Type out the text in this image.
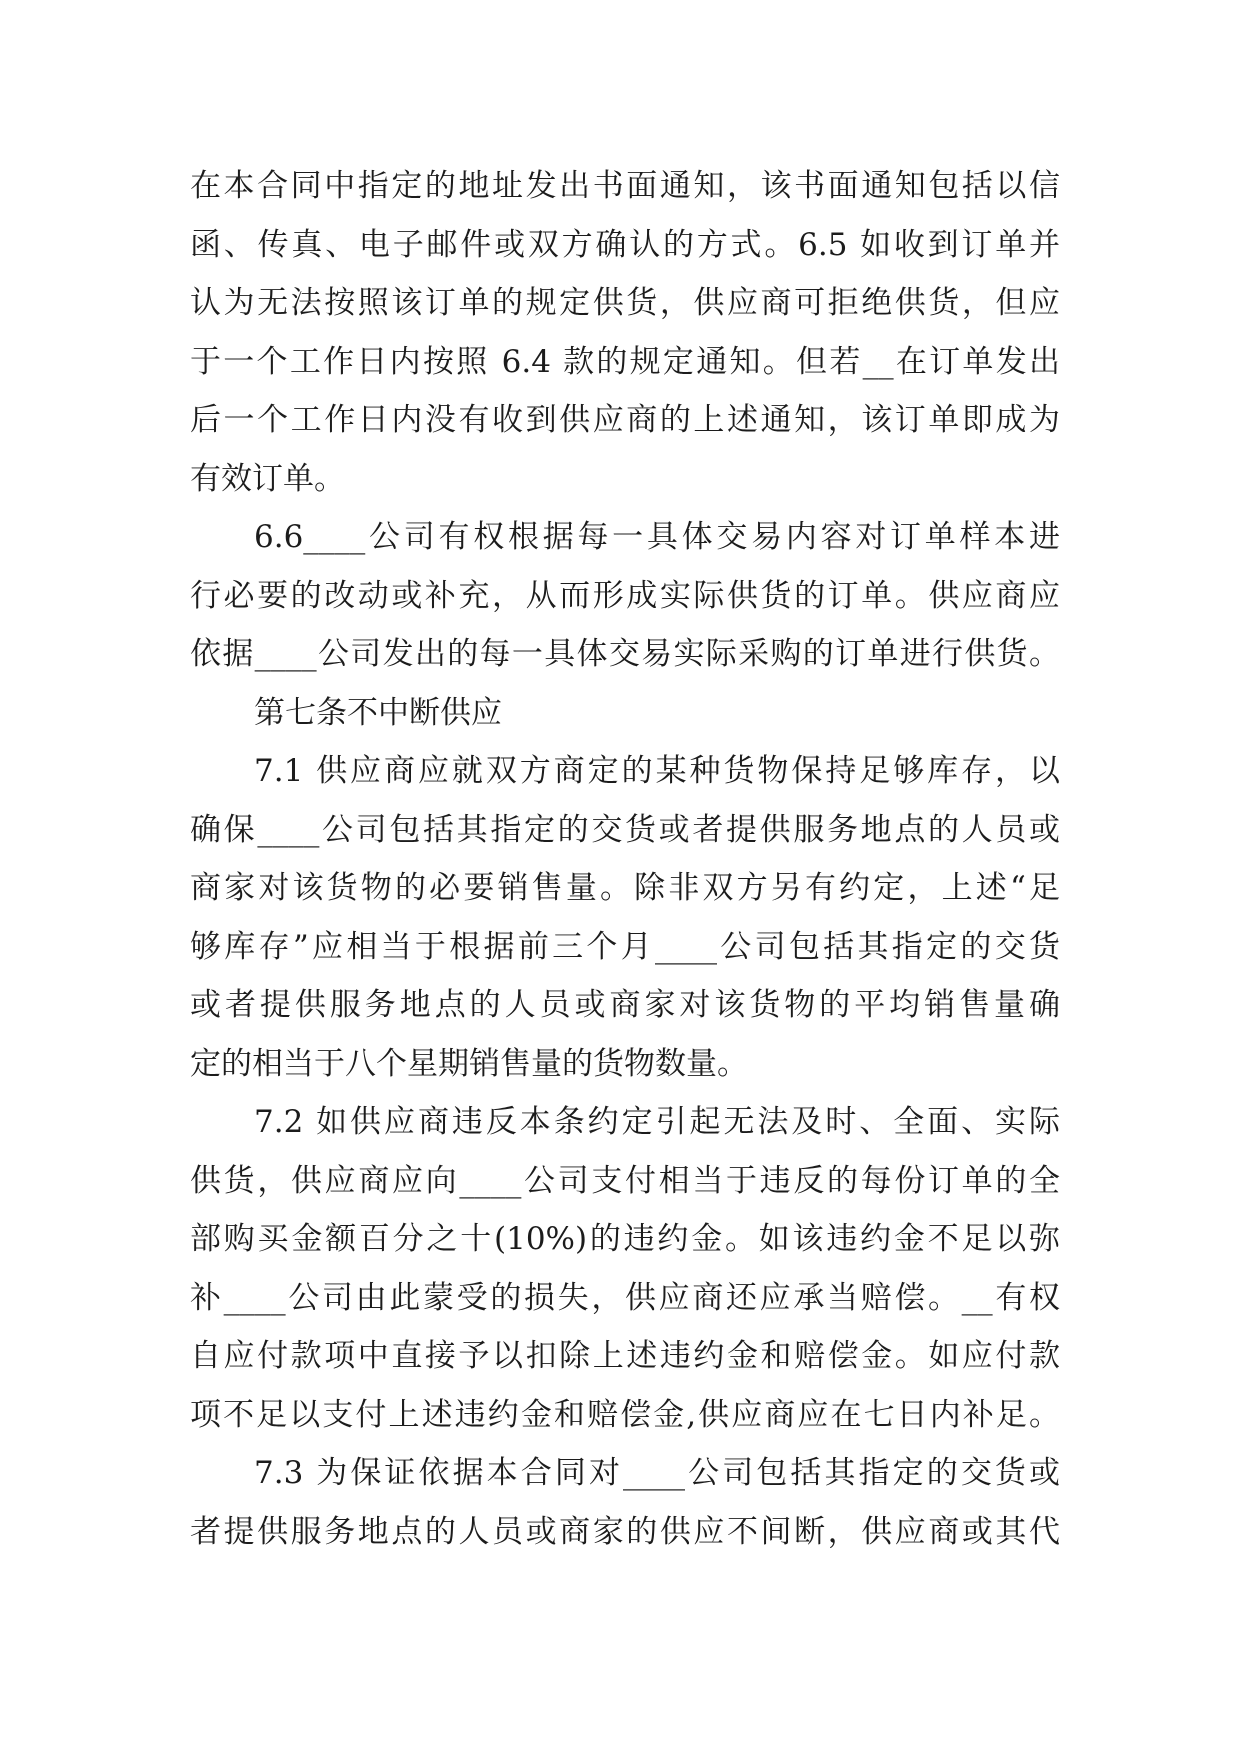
在本合同中指定的地址发出书面通知，该书面通知包括以信
函、传真、电子邮件或双方确认的方式。6.5 如收到订单并
认为无法按照该订单的规定供货，供应商可拒绝供货，但应
于一个工作日内按照 6.4 款的规定通知。但若__在订单发出
后一个工作日内没有收到供应商的上述通知，该订单即成为
有效订单。
6.6____公司有权根据每一具体交易内容对订单样本进
行必要的改动或补充，从而形成实际供货的订单。供应商应
依据____公司发出的每一具体交易实际采购的订单进行供货。
第七条不中断供应
7.1 供应商应就双方商定的某种货物保持足够库存，以
确保____公司包括其指定的交货或者提供服务地点的人员或
商家对该货物的必要销售量。除非双方另有约定，上述“足
够库存”应相当于根据前三个月____公司包括其指定的交货
或者提供服务地点的人员或商家对该货物的平均销售量确
定的相当于八个星期销售量的货物数量。
7.2 如供应商违反本条约定引起无法及时、全面、实际
供货，供应商应向____公司支付相当于违反的每份订单的全
部购买金额百分之十(10%)的违约金。如该违约金不足以弥
补____公司由此蒙受的损失，供应商还应承当赔偿。__有权
自应付款项中直接予以扣除上述违约金和赔偿金。如应付款
项不足以支付上述违约金和赔偿金,供应商应在七日内补足。
7.3 为保证依据本合同对____公司包括其指定的交货或
者提供服务地点的人员或商家的供应不间断，供应商或其代
